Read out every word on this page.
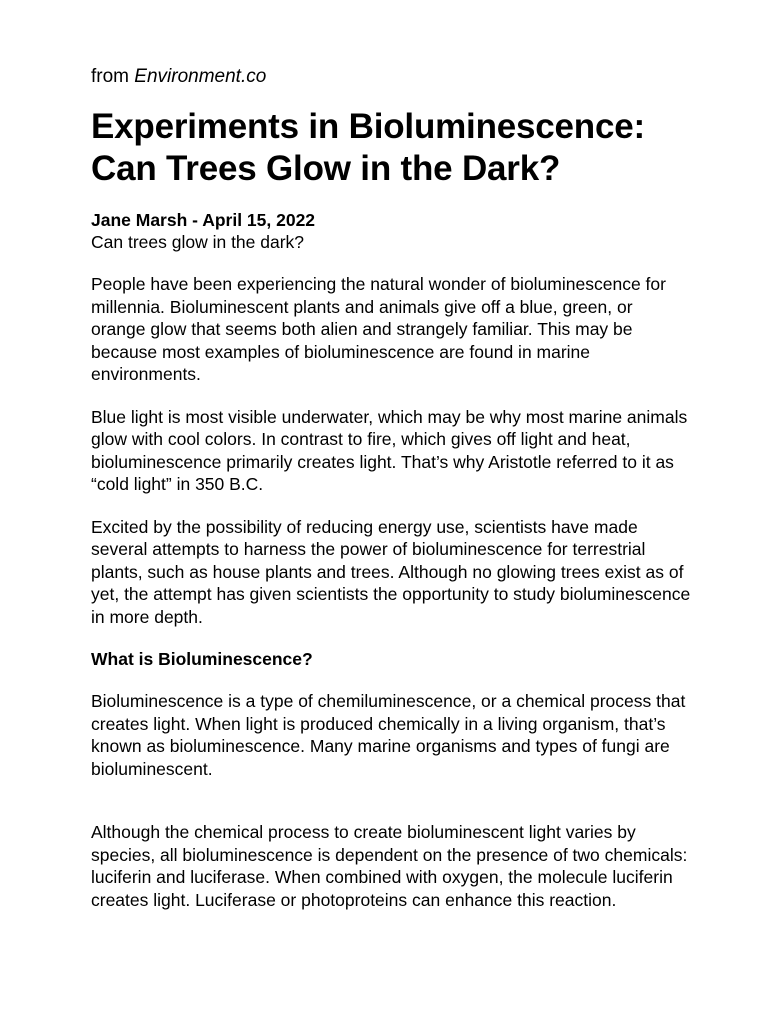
from Environment.co
Experiments in Bioluminescence: Can Trees Glow in the Dark?

Jane Marsh - April 15, 2022

Can trees glow in the dark?

People have been experiencing the natural wonder of bioluminescence for millennia. Bioluminescent plants and animals give off a blue, green, or orange glow that seems both alien and strangely familiar. This may be because most examples of bioluminescence are found in marine environments.

Blue light is most visible underwater, which may be why most marine animals glow with cool colors. In contrast to fire, which gives off light and heat, bioluminescence primarily creates light. That’s why Aristotle referred to it as “cold light” in 350 B.C.

Excited by the possibility of reducing energy use, scientists have made several attempts to harness the power of bioluminescence for terrestrial plants, such as house plants and trees. Although no glowing trees exist as of yet, the attempt has given scientists the opportunity to study bioluminescence in more depth.

What is Bioluminescence?

Bioluminescence is a type of chemiluminescence, or a chemical process that creates light. When light is produced chemically in a living organism, that’s known as bioluminescence. Many marine organisms and types of fungi are bioluminescent.

Although the chemical process to create bioluminescent light varies by species, all bioluminescence is dependent on the presence of two chemicals: luciferin and luciferase. When combined with oxygen, the molecule luciferin creates light. Luciferase or photoproteins can enhance this reaction.
